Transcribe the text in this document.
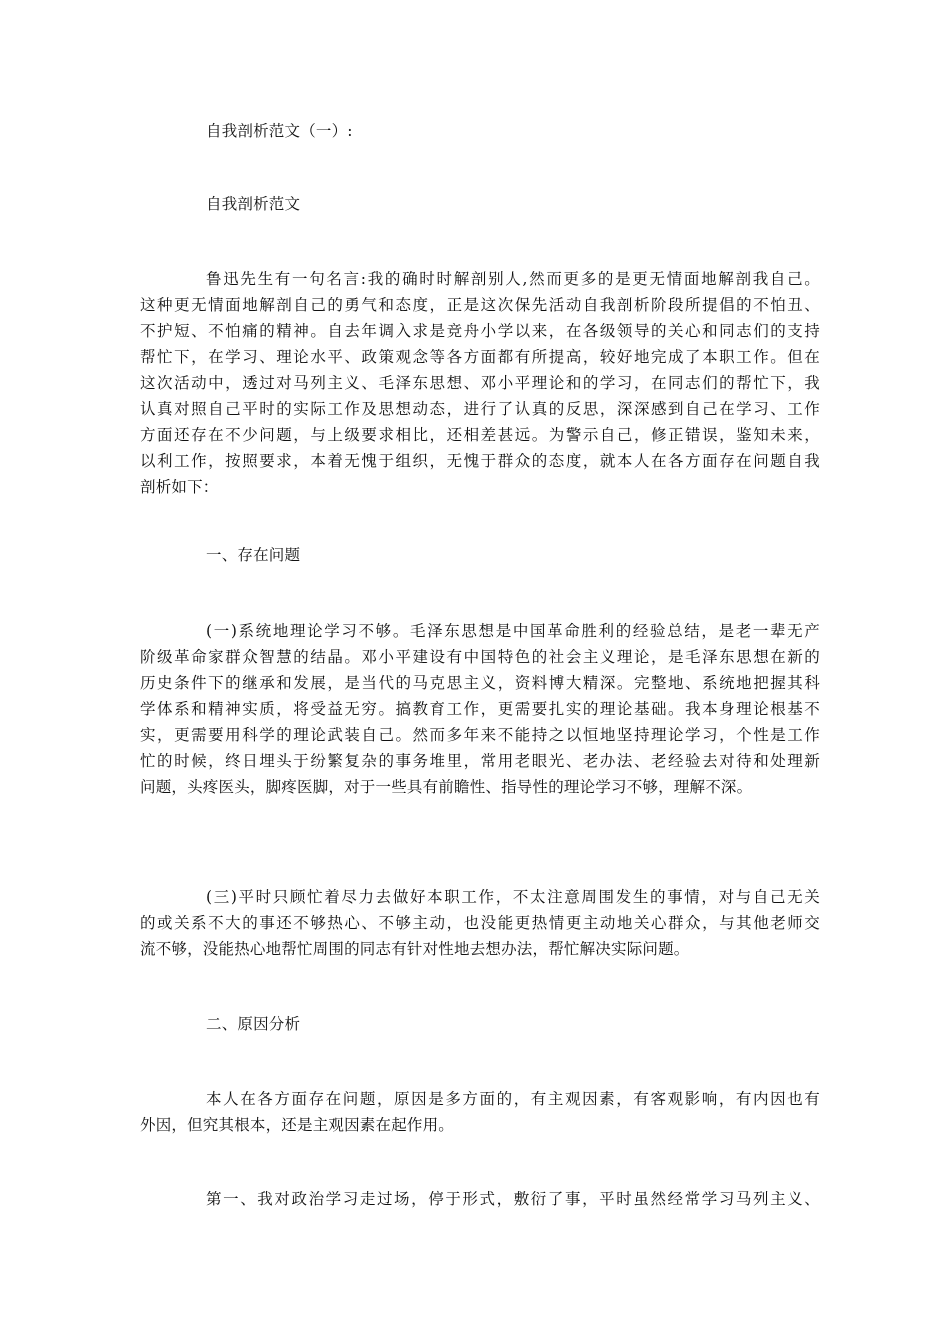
自我剖析范文（一）:
自我剖析范文
鲁迅先生有一句名言:我的确时时解剖别人,然而更多的是更无情面地解剖我自己。
这种更无情面地解剖自己的勇气和态度，正是这次保先活动自我剖析阶段所提倡的不怕丑、
不护短、不怕痛的精神。自去年调入求是竞舟小学以来，在各级领导的关心和同志们的支持
帮忙下，在学习、理论水平、政策观念等各方面都有所提高，较好地完成了本职工作。但在
这次活动中，透过对马列主义、毛泽东思想、邓小平理论和的学习，在同志们的帮忙下，我
认真对照自己平时的实际工作及思想动态，进行了认真的反思，深深感到自己在学习、工作
方面还存在不少问题，与上级要求相比，还相差甚远。为警示自己，修正错误，鉴知未来，
以利工作，按照要求，本着无愧于组织，无愧于群众的态度，就本人在各方面存在问题自我
剖析如下：
一、存在问题
(一)系统地理论学习不够。毛泽东思想是中国革命胜利的经验总结，是老一辈无产
阶级革命家群众智慧的结晶。邓小平建设有中国特色的社会主义理论，是毛泽东思想在新的
历史条件下的继承和发展，是当代的马克思主义，资料博大精深。完整地、系统地把握其科
学体系和精神实质，将受益无穷。搞教育工作，更需要扎实的理论基础。我本身理论根基不
实，更需要用科学的理论武装自己。然而多年来不能持之以恒地坚持理论学习，个性是工作
忙的时候，终日埋头于纷繁复杂的事务堆里，常用老眼光、老办法、老经验去对待和处理新
问题，头疼医头，脚疼医脚，对于一些具有前瞻性、指导性的理论学习不够，理解不深。
(三)平时只顾忙着尽力去做好本职工作，不太注意周围发生的事情，对与自己无关
的或关系不大的事还不够热心、不够主动，也没能更热情更主动地关心群众，与其他老师交
流不够，没能热心地帮忙周围的同志有针对性地去想办法，帮忙解决实际问题。
二、原因分析
本人在各方面存在问题，原因是多方面的，有主观因素，有客观影响，有内因也有
外因，但究其根本，还是主观因素在起作用。
第一、我对政治学习走过场，停于形式，敷衍了事，平时虽然经常学习马列主义、
